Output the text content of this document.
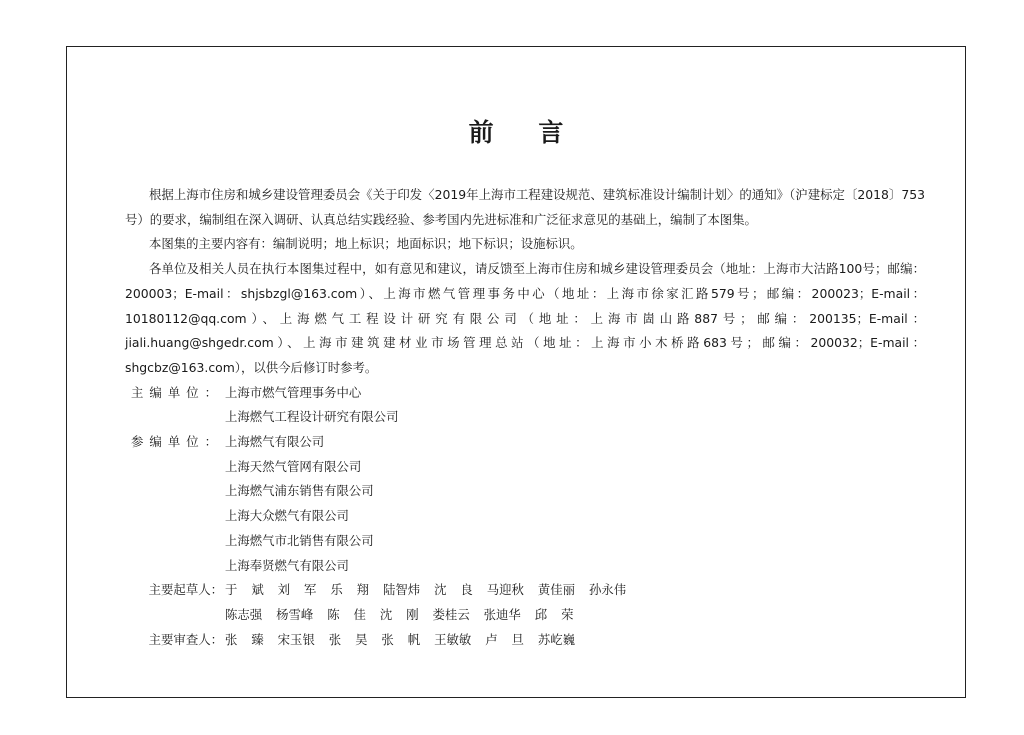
前 言

根据上海市住房和城乡建设管理委员会《关于印发〈2019年上海市工程建设规范、建筑标准设计编制计划〉的通知》（沪建标定〔2018〕753号）的要求，编制组在深入调研、认真总结实践经验、参考国内先进标准和广泛征求意见的基础上，编制了本图集。

本图集的主要内容有：编制说明；地上标识；地面标识；地下标识；设施标识。

各单位及相关人员在执行本图集过程中，如有意见和建议，请反馈至上海市住房和城乡建设管理委员会（地址：上海市大沽路100号；邮编：200003；E-mail：shjsbzgl@163.com）、上海市燃气管理事务中心（地址：上海市徐家汇路579号；邮编：200023；E-mail：10180112@qq.com）、上海燃气工程设计研究有限公司（地址：上海市崮山路887号；邮编：200135；E-mail：jiali.huang@shgedr.com）、上海市建筑建材业市场管理总站（地址：上海市小木桥路683号；邮编：200032；E-mail：shgcbz@163.com），以供今后修订时参考。

主编单位： 上海市燃气管理事务中心
上海燃气工程设计研究有限公司
参编单位： 上海燃气有限公司
上海天然气管网有限公司
上海燃气浦东销售有限公司
上海大众燃气有限公司
上海燃气市北销售有限公司
上海奉贤燃气有限公司
主要起草人： 于 斌 刘 军 乐 翔 陆智炜 沈 良 马迎秋 黄佳丽 孙永伟
陈志强 杨雪峰 陈 佳 沈 刚 娄桂云 张迪华 邱 荣
主要审查人： 张 臻 宋玉银 张 昊 张 帆 王敏敏 卢 旦 苏屹巍
